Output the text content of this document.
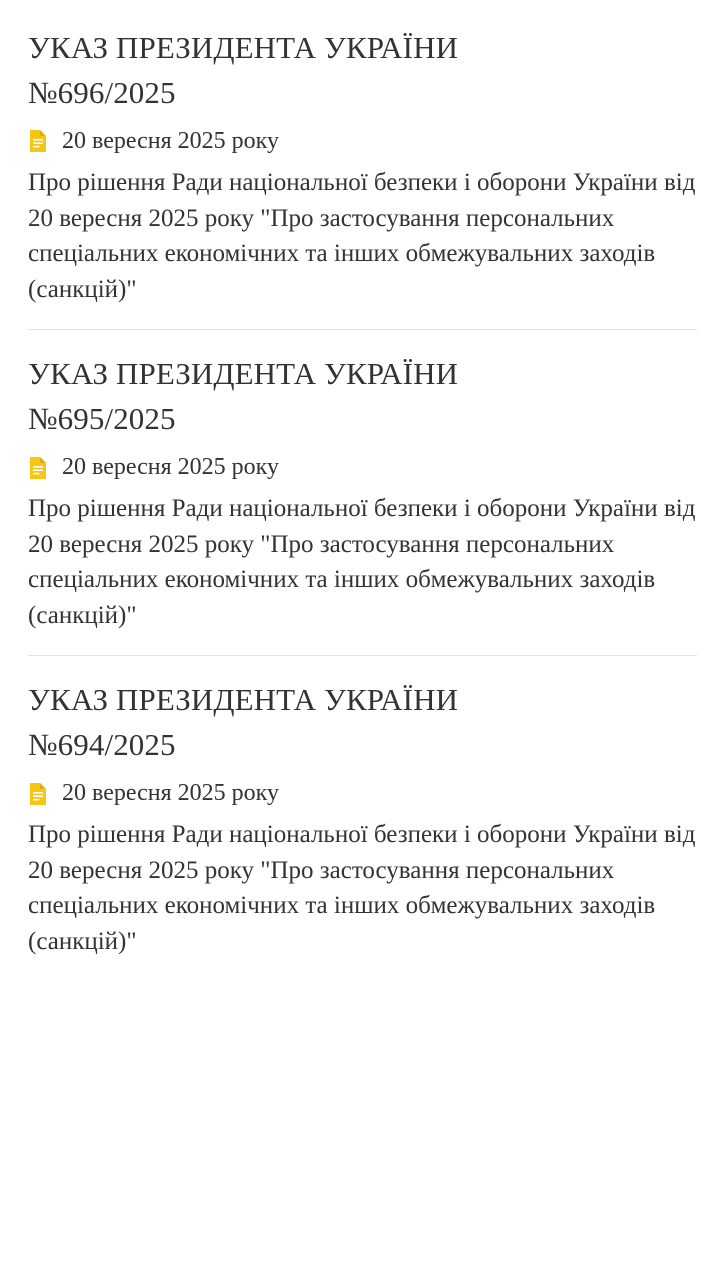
УКАЗ ПРЕЗИДЕНТА УКРАЇНИ
№696/2025
20 вересня 2025 року

Про рішення Ради національної безпеки і оборони України від 20 вересня 2025 року "Про застосування персональних спеціальних економічних та інших обмежувальних заходів (санкцій)"

УКАЗ ПРЕЗИДЕНТА УКРАЇНИ
№695/2025
20 вересня 2025 року

Про рішення Ради національної безпеки і оборони України від 20 вересня 2025 року "Про застосування персональних спеціальних економічних та інших обмежувальних заходів (санкцій)"

УКАЗ ПРЕЗИДЕНТА УКРАЇНИ
№694/2025
20 вересня 2025 року

Про рішення Ради національної безпеки і оборони України від 20 вересня 2025 року "Про застосування персональних спеціальних економічних та інших обмежувальних заходів (санкцій)"
